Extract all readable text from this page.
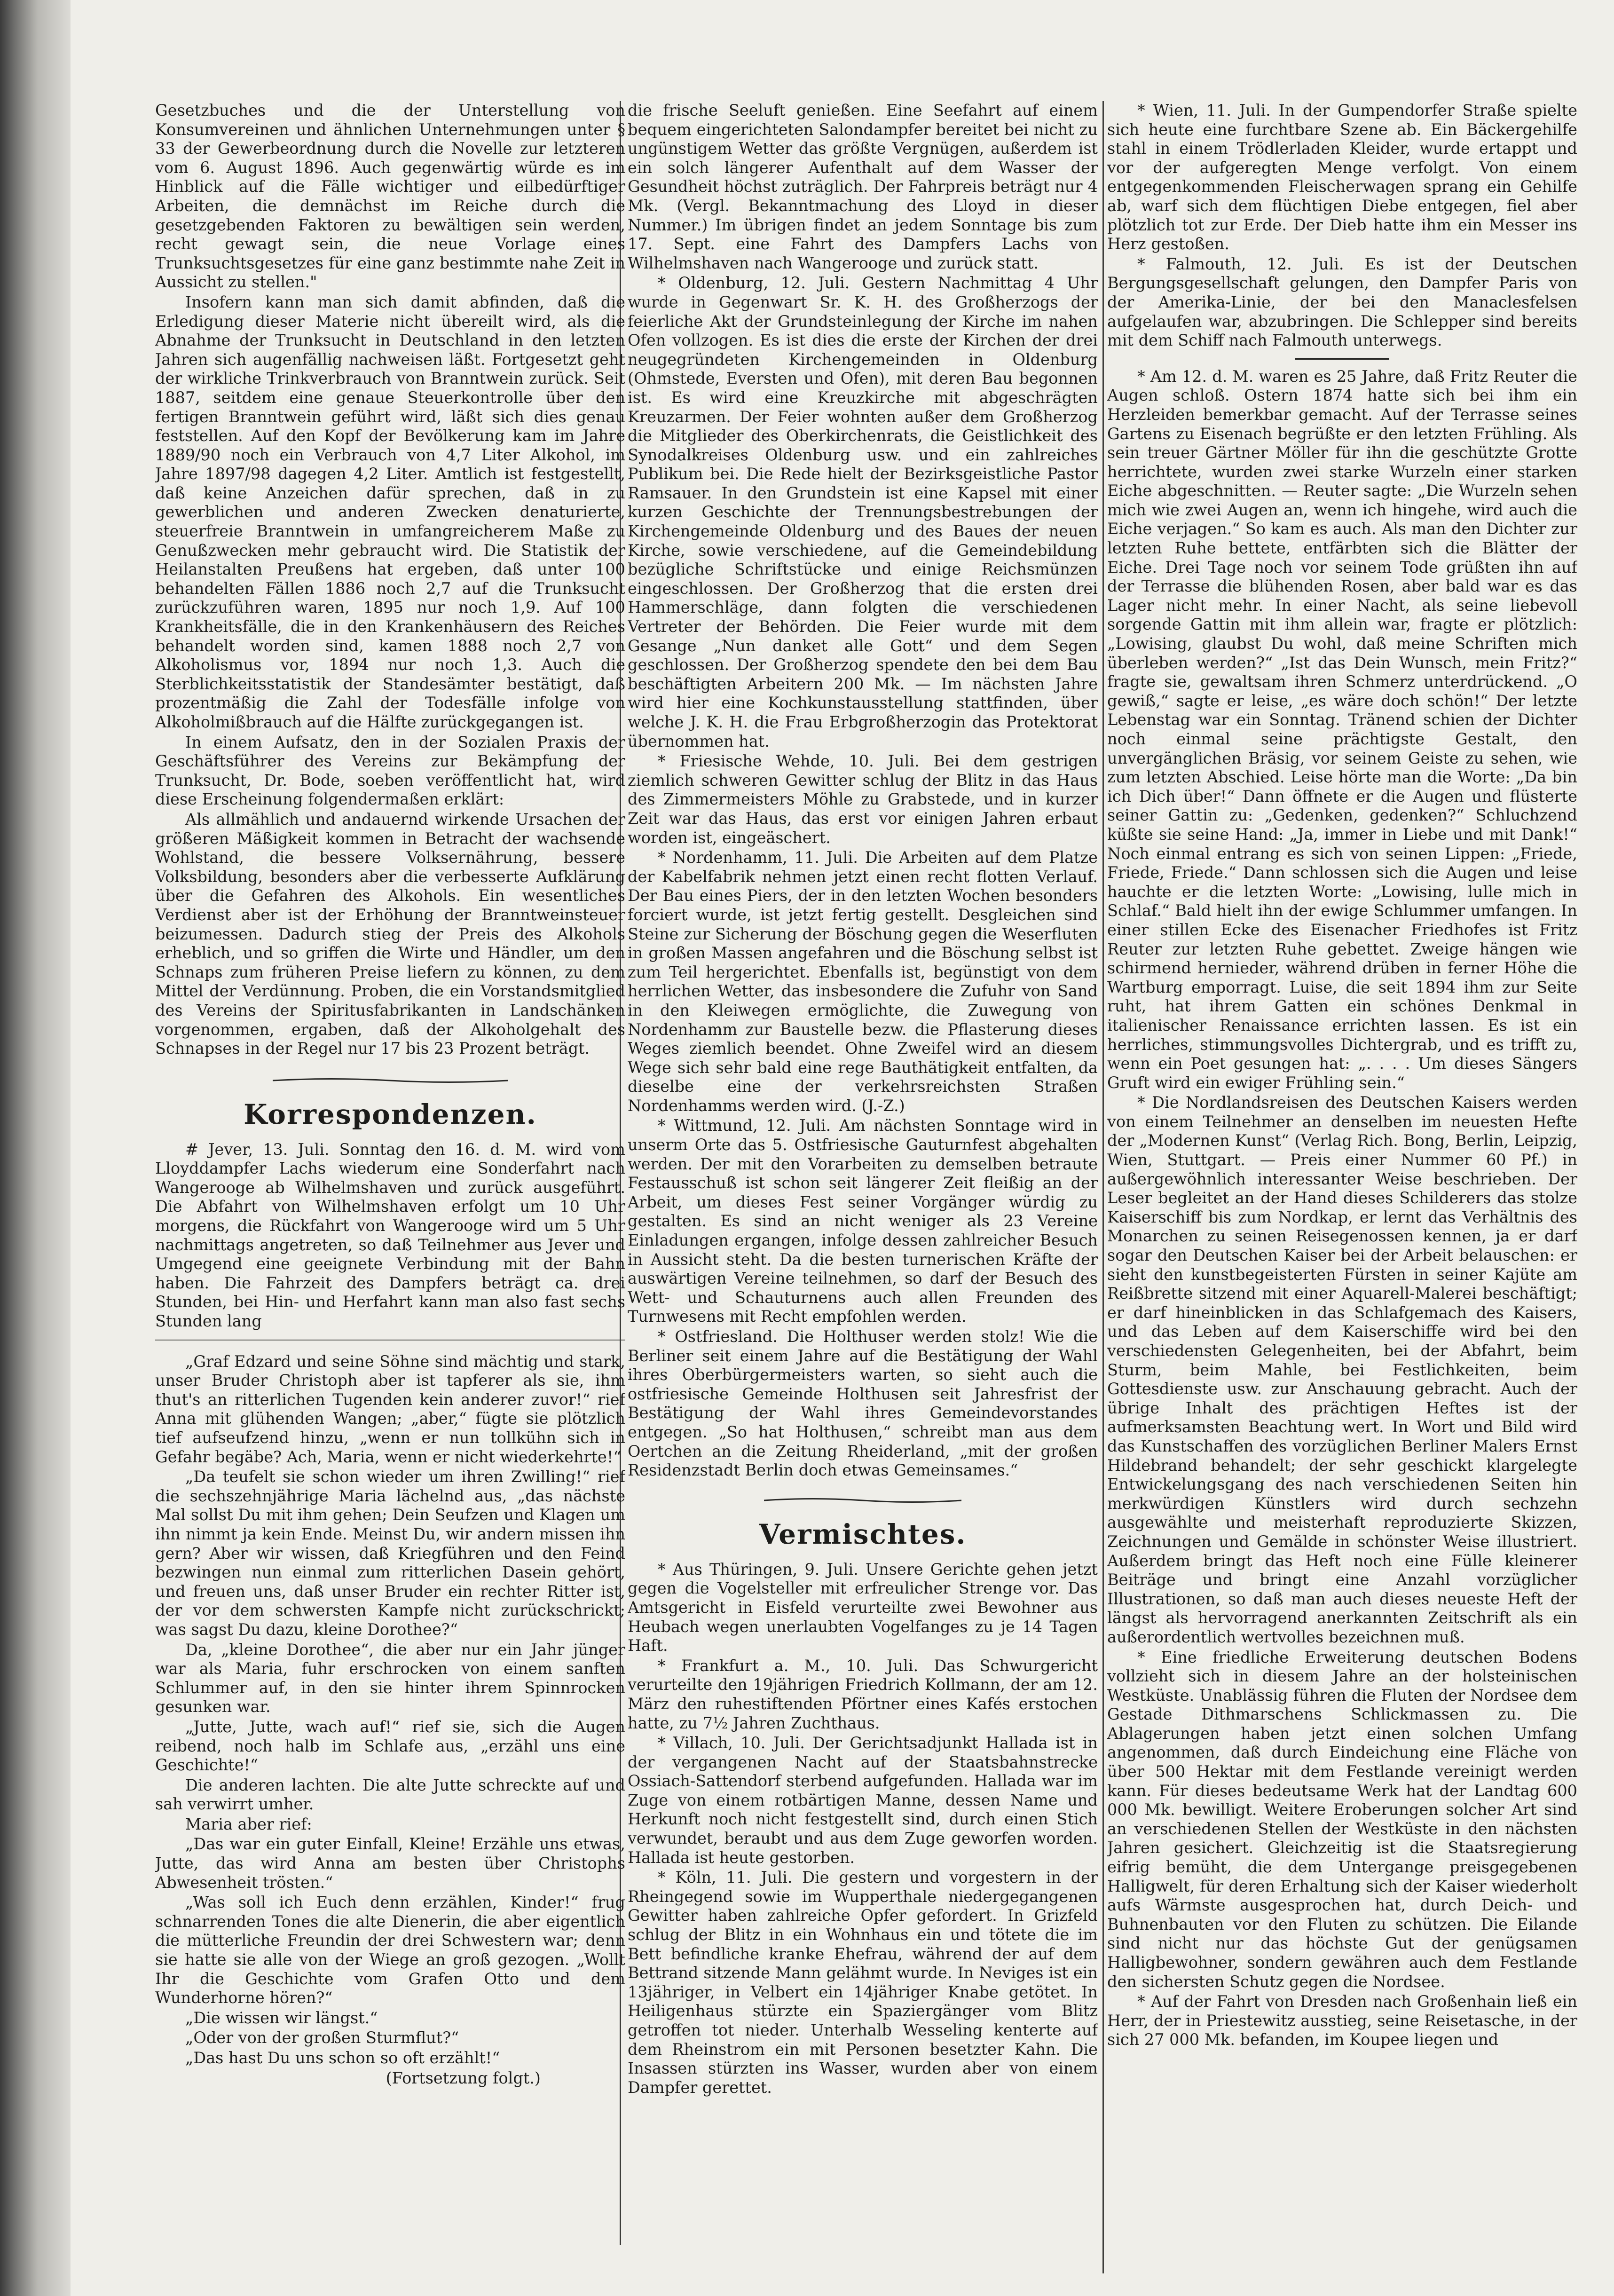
Gesetzbuches und die der Unterstellung von Konsumvereinen und ähnlichen Unternehmungen unter § 33 der Gewerbeordnung durch die Novelle zur letzteren vom 6. August 1896. Auch gegenwärtig würde es im Hinblick auf die Fälle wichtiger und eilbedürftiger Arbeiten, die demnächst im Reiche durch die gesetzgebenden Faktoren zu bewältigen sein werden, recht gewagt sein, die neue Vorlage eines Trunksuchtsgesetzes für eine ganz bestimmte nahe Zeit in Aussicht zu stellen."

Insofern kann man sich damit abfinden, daß die Erledigung dieser Materie nicht übereilt wird, als die Abnahme der Trunksucht in Deutschland in den letzten Jahren sich augenfällig nachweisen läßt. Fortgesetzt geht der wirkliche Trinkverbrauch von Branntwein zurück. Seit 1887, seitdem eine genaue Steuerkontrolle über den fertigen Branntwein geführt wird, läßt sich dies genau feststellen. Auf den Kopf der Bevölkerung kam im Jahre 1889/90 noch ein Verbrauch von 4,7 Liter Alkohol, im Jahre 1897/98 dagegen 4,2 Liter. Amtlich ist festgestellt, daß keine Anzeichen dafür sprechen, daß in zu gewerblichen und anderen Zwecken denaturierte, steuerfreie Branntwein in umfangreicherem Maße zu Genußzwecken mehr gebraucht wird. Die Statistik der Heilanstalten Preußens hat ergeben, daß unter 100 behandelten Fällen 1886 noch 2,7 auf die Trunksucht zurückzuführen waren, 1895 nur noch 1,9. Auf 100 Krankheitsfälle, die in den Krankenhäusern des Reiches behandelt worden sind, kamen 1888 noch 2,7 von Alkoholismus vor, 1894 nur noch 1,3. Auch die Sterblichkeitsstatistik der Standesämter bestätigt, daß prozentmäßig die Zahl der Todesfälle infolge von Alkoholmißbrauch auf die Hälfte zurückgegangen ist.

In einem Aufsatz, den in der Sozialen Praxis der Geschäftsführer des Vereins zur Bekämpfung der Trunksucht, Dr. Bode, soeben veröffentlicht hat, wird diese Erscheinung folgendermaßen erklärt:

Als allmählich und andauernd wirkende Ursachen der größeren Mäßigkeit kommen in Betracht der wachsende Wohlstand, die bessere Volksernährung, bessere Volksbildung, besonders aber die verbesserte Aufklärung über die Gefahren des Alkohols. Ein wesentliches Verdienst aber ist der Erhöhung der Branntweinsteuer beizumessen. Dadurch stieg der Preis des Alkohols erheblich, und so griffen die Wirte und Händler, um den Schnaps zum früheren Preise liefern zu können, zu dem Mittel der Verdünnung. Proben, die ein Vorstandsmitglied des Vereins der Spiritusfabrikanten in Landschänken vorgenommen, ergaben, daß der Alkoholgehalt des Schnapses in der Regel nur 17 bis 23 Prozent beträgt.

Korrespondenzen.

# Jever, 13. Juli. Sonntag den 16. d. M. wird vom Lloyddampfer Lachs wiederum eine Sonderfahrt nach Wangerooge ab Wilhelmshaven und zurück ausgeführt. Die Abfahrt von Wilhelmshaven erfolgt um 10 Uhr morgens, die Rückfahrt von Wangerooge wird um 5 Uhr nachmittags angetreten, so daß Teilnehmer aus Jever und Umgegend eine geeignete Verbindung mit der Bahn haben. Die Fahrzeit des Dampfers beträgt ca. drei Stunden, bei Hin- und Herfahrt kann man also fast sechs Stunden lang

„Graf Edzard und seine Söhne sind mächtig und stark, unser Bruder Christoph aber ist tapferer als sie, ihm thut's an ritterlichen Tugenden kein anderer zuvor!“ rief Anna mit glühenden Wangen; „aber,“ fügte sie plötzlich tief aufseufzend hinzu, „wenn er nun tollkühn sich in Gefahr begäbe? Ach, Maria, wenn er nicht wiederkehrte!“

„Da teufelt sie schon wieder um ihren Zwilling!“ rief die sechszehnjährige Maria lächelnd aus, „das nächste Mal sollst Du mit ihm gehen; Dein Seufzen und Klagen um ihn nimmt ja kein Ende. Meinst Du, wir andern missen ihn gern? Aber wir wissen, daß Kriegführen und den Feind bezwingen nun einmal zum ritterlichen Dasein gehört, und freuen uns, daß unser Bruder ein rechter Ritter ist, der vor dem schwersten Kampfe nicht zurückschrickt; was sagst Du dazu, kleine Dorothee?“

Da, „kleine Dorothee“, die aber nur ein Jahr jünger war als Maria, fuhr erschrocken von einem sanften Schlummer auf, in den sie hinter ihrem Spinnrocken gesunken war.

„Jutte, Jutte, wach auf!“ rief sie, sich die Augen reibend, noch halb im Schlafe aus, „erzähl uns eine Geschichte!“

Die anderen lachten. Die alte Jutte schreckte auf und sah verwirrt umher.

Maria aber rief:

„Das war ein guter Einfall, Kleine! Erzähle uns etwas, Jutte, das wird Anna am besten über Christophs Abwesenheit trösten.“

„Was soll ich Euch denn erzählen, Kinder!“ frug schnarrenden Tones die alte Dienerin, die aber eigentlich die mütterliche Freundin der drei Schwestern war; denn sie hatte sie alle von der Wiege an groß gezogen. „Wollt Ihr die Geschichte vom Grafen Otto und dem Wunderhorne hören?“

„Die wissen wir längst.“

„Oder von der großen Sturmflut?“

„Das hast Du uns schon so oft erzählt!“

(Fortsetzung folgt.)

die frische Seeluft genießen. Eine Seefahrt auf einem bequem eingerichteten Salondampfer bereitet bei nicht zu ungünstigem Wetter das größte Vergnügen, außerdem ist ein solch längerer Aufenthalt auf dem Wasser der Gesundheit höchst zuträglich. Der Fahrpreis beträgt nur 4 Mk. (Vergl. Bekanntmachung des Lloyd in dieser Nummer.) Im übrigen findet an jedem Sonntage bis zum 17. Sept. eine Fahrt des Dampfers Lachs von Wilhelmshaven nach Wangerooge und zurück statt.

* Oldenburg, 12. Juli. Gestern Nachmittag 4 Uhr wurde in Gegenwart Sr. K. H. des Großherzogs der feierliche Akt der Grundsteinlegung der Kirche im nahen Ofen vollzogen. Es ist dies die erste der Kirchen der drei neugegründeten Kirchengemeinden in Oldenburg (Ohmstede, Eversten und Ofen), mit deren Bau begonnen ist. Es wird eine Kreuzkirche mit abgeschrägten Kreuzarmen. Der Feier wohnten außer dem Großherzog die Mitglieder des Oberkirchenrats, die Geistlichkeit des Synodalkreises Oldenburg usw. und ein zahlreiches Publikum bei. Die Rede hielt der Bezirksgeistliche Pastor Ramsauer. In den Grundstein ist eine Kapsel mit einer kurzen Geschichte der Trennungsbestrebungen der Kirchengemeinde Oldenburg und des Baues der neuen Kirche, sowie verschiedene, auf die Gemeindebildung bezügliche Schriftstücke und einige Reichsmünzen eingeschlossen. Der Großherzog that die ersten drei Hammerschläge, dann folgten die verschiedenen Vertreter der Behörden. Die Feier wurde mit dem Gesange „Nun danket alle Gott“ und dem Segen geschlossen. Der Großherzog spendete den bei dem Bau beschäftigten Arbeitern 200 Mk. — Im nächsten Jahre wird hier eine Kochkunstausstellung stattfinden, über welche J. K. H. die Frau Erbgroßherzogin das Protektorat übernommen hat.

* Friesische Wehde, 10. Juli. Bei dem gestrigen ziemlich schweren Gewitter schlug der Blitz in das Haus des Zimmermeisters Möhle zu Grabstede, und in kurzer Zeit war das Haus, das erst vor einigen Jahren erbaut worden ist, eingeäschert.

* Nordenhamm, 11. Juli. Die Arbeiten auf dem Platze der Kabelfabrik nehmen jetzt einen recht flotten Verlauf. Der Bau eines Piers, der in den letzten Wochen besonders forciert wurde, ist jetzt fertig gestellt. Desgleichen sind Steine zur Sicherung der Böschung gegen die Weserfluten in großen Massen angefahren und die Böschung selbst ist zum Teil hergerichtet. Ebenfalls ist, begünstigt von dem herrlichen Wetter, das insbesondere die Zufuhr von Sand in den Kleiwegen ermöglichte, die Zuwegung von Nordenhamm zur Baustelle bezw. die Pflasterung dieses Weges ziemlich beendet. Ohne Zweifel wird an diesem Wege sich sehr bald eine rege Bauthätigkeit entfalten, da dieselbe eine der verkehrsreichsten Straßen Nordenhamms werden wird. (J.-Z.)

* Wittmund, 12. Juli. Am nächsten Sonntage wird in unserm Orte das 5. Ostfriesische Gauturnfest abgehalten werden. Der mit den Vorarbeiten zu demselben betraute Festausschuß ist schon seit längerer Zeit fleißig an der Arbeit, um dieses Fest seiner Vorgänger würdig zu gestalten. Es sind an nicht weniger als 23 Vereine Einladungen ergangen, infolge dessen zahlreicher Besuch in Aussicht steht. Da die besten turnerischen Kräfte der auswärtigen Vereine teilnehmen, so darf der Besuch des Wett- und Schauturnens auch allen Freunden des Turnwesens mit Recht empfohlen werden.

* Ostfriesland. Die Holthuser werden stolz! Wie die Berliner seit einem Jahre auf die Bestätigung der Wahl ihres Oberbürgermeisters warten, so sieht auch die ostfriesische Gemeinde Holthusen seit Jahresfrist der Bestätigung der Wahl ihres Gemeindevorstandes entgegen. „So hat Holthusen,“ schreibt man aus dem Oertchen an die Zeitung Rheiderland, „mit der großen Residenzstadt Berlin doch etwas Gemeinsames.“

Vermischtes.

* Aus Thüringen, 9. Juli. Unsere Gerichte gehen jetzt gegen die Vogelsteller mit erfreulicher Strenge vor. Das Amtsgericht in Eisfeld verurteilte zwei Bewohner aus Heubach wegen unerlaubten Vogelfanges zu je 14 Tagen Haft.

* Frankfurt a. M., 10. Juli. Das Schwurgericht verurteilte den 19jährigen Friedrich Kollmann, der am 12. März den ruhestiftenden Pförtner eines Kafés erstochen hatte, zu 7½ Jahren Zuchthaus.

* Villach, 10. Juli. Der Gerichtsadjunkt Hallada ist in der vergangenen Nacht auf der Staatsbahnstrecke Ossiach-Sattendorf sterbend aufgefunden. Hallada war im Zuge von einem rotbärtigen Manne, dessen Name und Herkunft noch nicht festgestellt sind, durch einen Stich verwundet, beraubt und aus dem Zuge geworfen worden. Hallada ist heute gestorben.

* Köln, 11. Juli. Die gestern und vorgestern in der Rheingegend sowie im Wupperthale niedergegangenen Gewitter haben zahlreiche Opfer gefordert. In Grizfeld schlug der Blitz in ein Wohnhaus ein und tötete die im Bett befindliche kranke Ehefrau, während der auf dem Bettrand sitzende Mann gelähmt wurde. In Neviges ist ein 13jähriger, in Velbert ein 14jähriger Knabe getötet. In Heiligenhaus stürzte ein Spaziergänger vom Blitz getroffen tot nieder. Unterhalb Wesseling kenterte auf dem Rheinstrom ein mit Personen besetzter Kahn. Die Insassen stürzten ins Wasser, wurden aber von einem Dampfer gerettet.

* Wien, 11. Juli. In der Gumpendorfer Straße spielte sich heute eine furchtbare Szene ab. Ein Bäckergehilfe stahl in einem Trödlerladen Kleider, wurde ertappt und vor der aufgeregten Menge verfolgt. Von einem entgegenkommenden Fleischerwagen sprang ein Gehilfe ab, warf sich dem flüchtigen Diebe entgegen, fiel aber plötzlich tot zur Erde. Der Dieb hatte ihm ein Messer ins Herz gestoßen.

* Falmouth, 12. Juli. Es ist der Deutschen Bergungsgesellschaft gelungen, den Dampfer Paris von der Amerika-Linie, der bei den Manaclesfelsen aufgelaufen war, abzubringen. Die Schlepper sind bereits mit dem Schiff nach Falmouth unterwegs.

* Am 12. d. M. waren es 25 Jahre, daß Fritz Reuter die Augen schloß. Ostern 1874 hatte sich bei ihm ein Herzleiden bemerkbar gemacht. Auf der Terrasse seines Gartens zu Eisenach begrüßte er den letzten Frühling. Als sein treuer Gärtner Möller für ihn die geschützte Grotte herrichtete, wurden zwei starke Wurzeln einer starken Eiche abgeschnitten. — Reuter sagte: „Die Wurzeln sehen mich wie zwei Augen an, wenn ich hingehe, wird auch die Eiche verjagen.“ So kam es auch. Als man den Dichter zur letzten Ruhe bettete, entfärbten sich die Blätter der Eiche. Drei Tage noch vor seinem Tode grüßten ihn auf der Terrasse die blühenden Rosen, aber bald war es das Lager nicht mehr. In einer Nacht, als seine liebevoll sorgende Gattin mit ihm allein war, fragte er plötzlich: „Lowising, glaubst Du wohl, daß meine Schriften mich überleben werden?“ „Ist das Dein Wunsch, mein Fritz?“ fragte sie, gewaltsam ihren Schmerz unterdrückend. „O gewiß,“ sagte er leise, „es wäre doch schön!“ Der letzte Lebenstag war ein Sonntag. Tränend schien der Dichter noch einmal seine prächtigste Gestalt, den unvergänglichen Bräsig, vor seinem Geiste zu sehen, wie zum letzten Abschied. Leise hörte man die Worte: „Da bin ich Dich über!“ Dann öffnete er die Augen und flüsterte seiner Gattin zu: „Gedenken, gedenken?“ Schluchzend küßte sie seine Hand: „Ja, immer in Liebe und mit Dank!“ Noch einmal entrang es sich von seinen Lippen: „Friede, Friede, Friede.“ Dann schlossen sich die Augen und leise hauchte er die letzten Worte: „Lowising, lulle mich in Schlaf.“ Bald hielt ihn der ewige Schlummer umfangen. In einer stillen Ecke des Eisenacher Friedhofes ist Fritz Reuter zur letzten Ruhe gebettet. Zweige hängen wie schirmend hernieder, während drüben in ferner Höhe die Wartburg emporragt. Luise, die seit 1894 ihm zur Seite ruht, hat ihrem Gatten ein schönes Denkmal in italienischer Renaissance errichten lassen. Es ist ein herrliches, stimmungsvolles Dichtergrab, und es trifft zu, wenn ein Poet gesungen hat: „. . . . Um dieses Sängers Gruft wird ein ewiger Frühling sein.“

* Die Nordlandsreisen des Deutschen Kaisers werden von einem Teilnehmer an denselben im neuesten Hefte der „Modernen Kunst“ (Verlag Rich. Bong, Berlin, Leipzig, Wien, Stuttgart. — Preis einer Nummer 60 Pf.) in außergewöhnlich interessanter Weise beschrieben. Der Leser begleitet an der Hand dieses Schilderers das stolze Kaiserschiff bis zum Nordkap, er lernt das Verhältnis des Monarchen zu seinen Reisegenossen kennen, ja er darf sogar den Deutschen Kaiser bei der Arbeit belauschen: er sieht den kunstbegeisterten Fürsten in seiner Kajüte am Reißbrette sitzend mit einer Aquarell-Malerei beschäftigt; er darf hineinblicken in das Schlafgemach des Kaisers, und das Leben auf dem Kaiserschiffe wird bei den verschiedensten Gelegenheiten, bei der Abfahrt, beim Sturm, beim Mahle, bei Festlichkeiten, beim Gottesdienste usw. zur Anschauung gebracht. Auch der übrige Inhalt des prächtigen Heftes ist der aufmerksamsten Beachtung wert. In Wort und Bild wird das Kunstschaffen des vorzüglichen Berliner Malers Ernst Hildebrand behandelt; der sehr geschickt klargelegte Entwickelungsgang des nach verschiedenen Seiten hin merkwürdigen Künstlers wird durch sechzehn ausgewählte und meisterhaft reproduzierte Skizzen, Zeichnungen und Gemälde in schönster Weise illustriert. Außerdem bringt das Heft noch eine Fülle kleinerer Beiträge und bringt eine Anzahl vorzüglicher Illustrationen, so daß man auch dieses neueste Heft der längst als hervorragend anerkannten Zeitschrift als ein außerordentlich wertvolles bezeichnen muß.

* Eine friedliche Erweiterung deutschen Bodens vollzieht sich in diesem Jahre an der holsteinischen Westküste. Unablässig führen die Fluten der Nordsee dem Gestade Dithmarschens Schlickmassen zu. Die Ablagerungen haben jetzt einen solchen Umfang angenommen, daß durch Eindeichung eine Fläche von über 500 Hektar mit dem Festlande vereinigt werden kann. Für dieses bedeutsame Werk hat der Landtag 600 000 Mk. bewilligt. Weitere Eroberungen solcher Art sind an verschiedenen Stellen der Westküste in den nächsten Jahren gesichert. Gleichzeitig ist die Staatsregierung eifrig bemüht, die dem Untergange preisgegebenen Halligwelt, für deren Erhaltung sich der Kaiser wiederholt aufs Wärmste ausgesprochen hat, durch Deich- und Buhnenbauten vor den Fluten zu schützen. Die Eilande sind nicht nur das höchste Gut der genügsamen Halligbewohner, sondern gewähren auch dem Festlande den sichersten Schutz gegen die Nordsee.

* Auf der Fahrt von Dresden nach Großenhain ließ ein Herr, der in Priestewitz ausstieg, seine Reisetasche, in der sich 27 000 Mk. befanden, im Koupee liegen und
